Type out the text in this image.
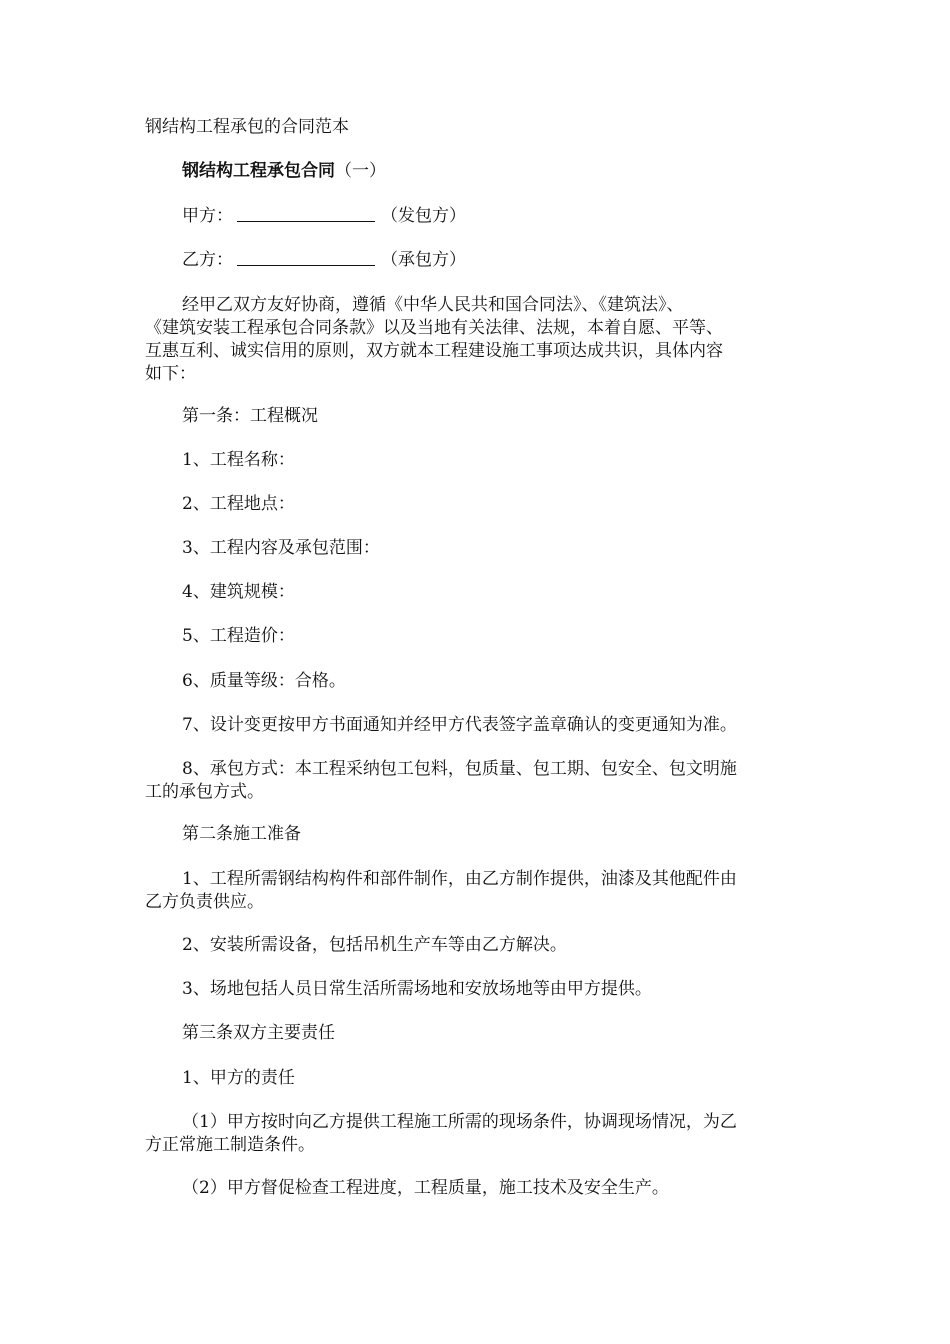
钢结构工程承包的合同范本
钢结构工程承包合同（一）
甲方：	（发包方）
乙方：	（承包方）
经甲乙双方友好协商，遵循《中华人民共和国合同法》、《建筑法》、
《建筑安装工程承包合同条款》以及当地有关法律、法规，本着自愿、平等、
互惠互利、诚实信用的原则，双方就本工程建设施工事项达成共识，具体内容
如下：
第一条：工程概况
1、工程名称：
2、工程地点：
3、工程内容及承包范围：
4、建筑规模：
5、工程造价：
6、质量等级：合格。
7、设计变更按甲方书面通知并经甲方代表签字盖章确认的变更通知为准。
8、承包方式：本工程采纳包工包料，包质量、包工期、包安全、包文明施
工的承包方式。
第二条施工准备
1、工程所需钢结构构件和部件制作，由乙方制作提供，油漆及其他配件由
乙方负责供应。
2、安装所需设备，包括吊机生产车等由乙方解决。
3、场地包括人员日常生活所需场地和安放场地等由甲方提供。
第三条双方主要责任
1、甲方的责任
（1）甲方按时向乙方提供工程施工所需的现场条件，协调现场情况，为乙
方正常施工制造条件。
（2）甲方督促检查工程进度，工程质量，施工技术及安全生产。
